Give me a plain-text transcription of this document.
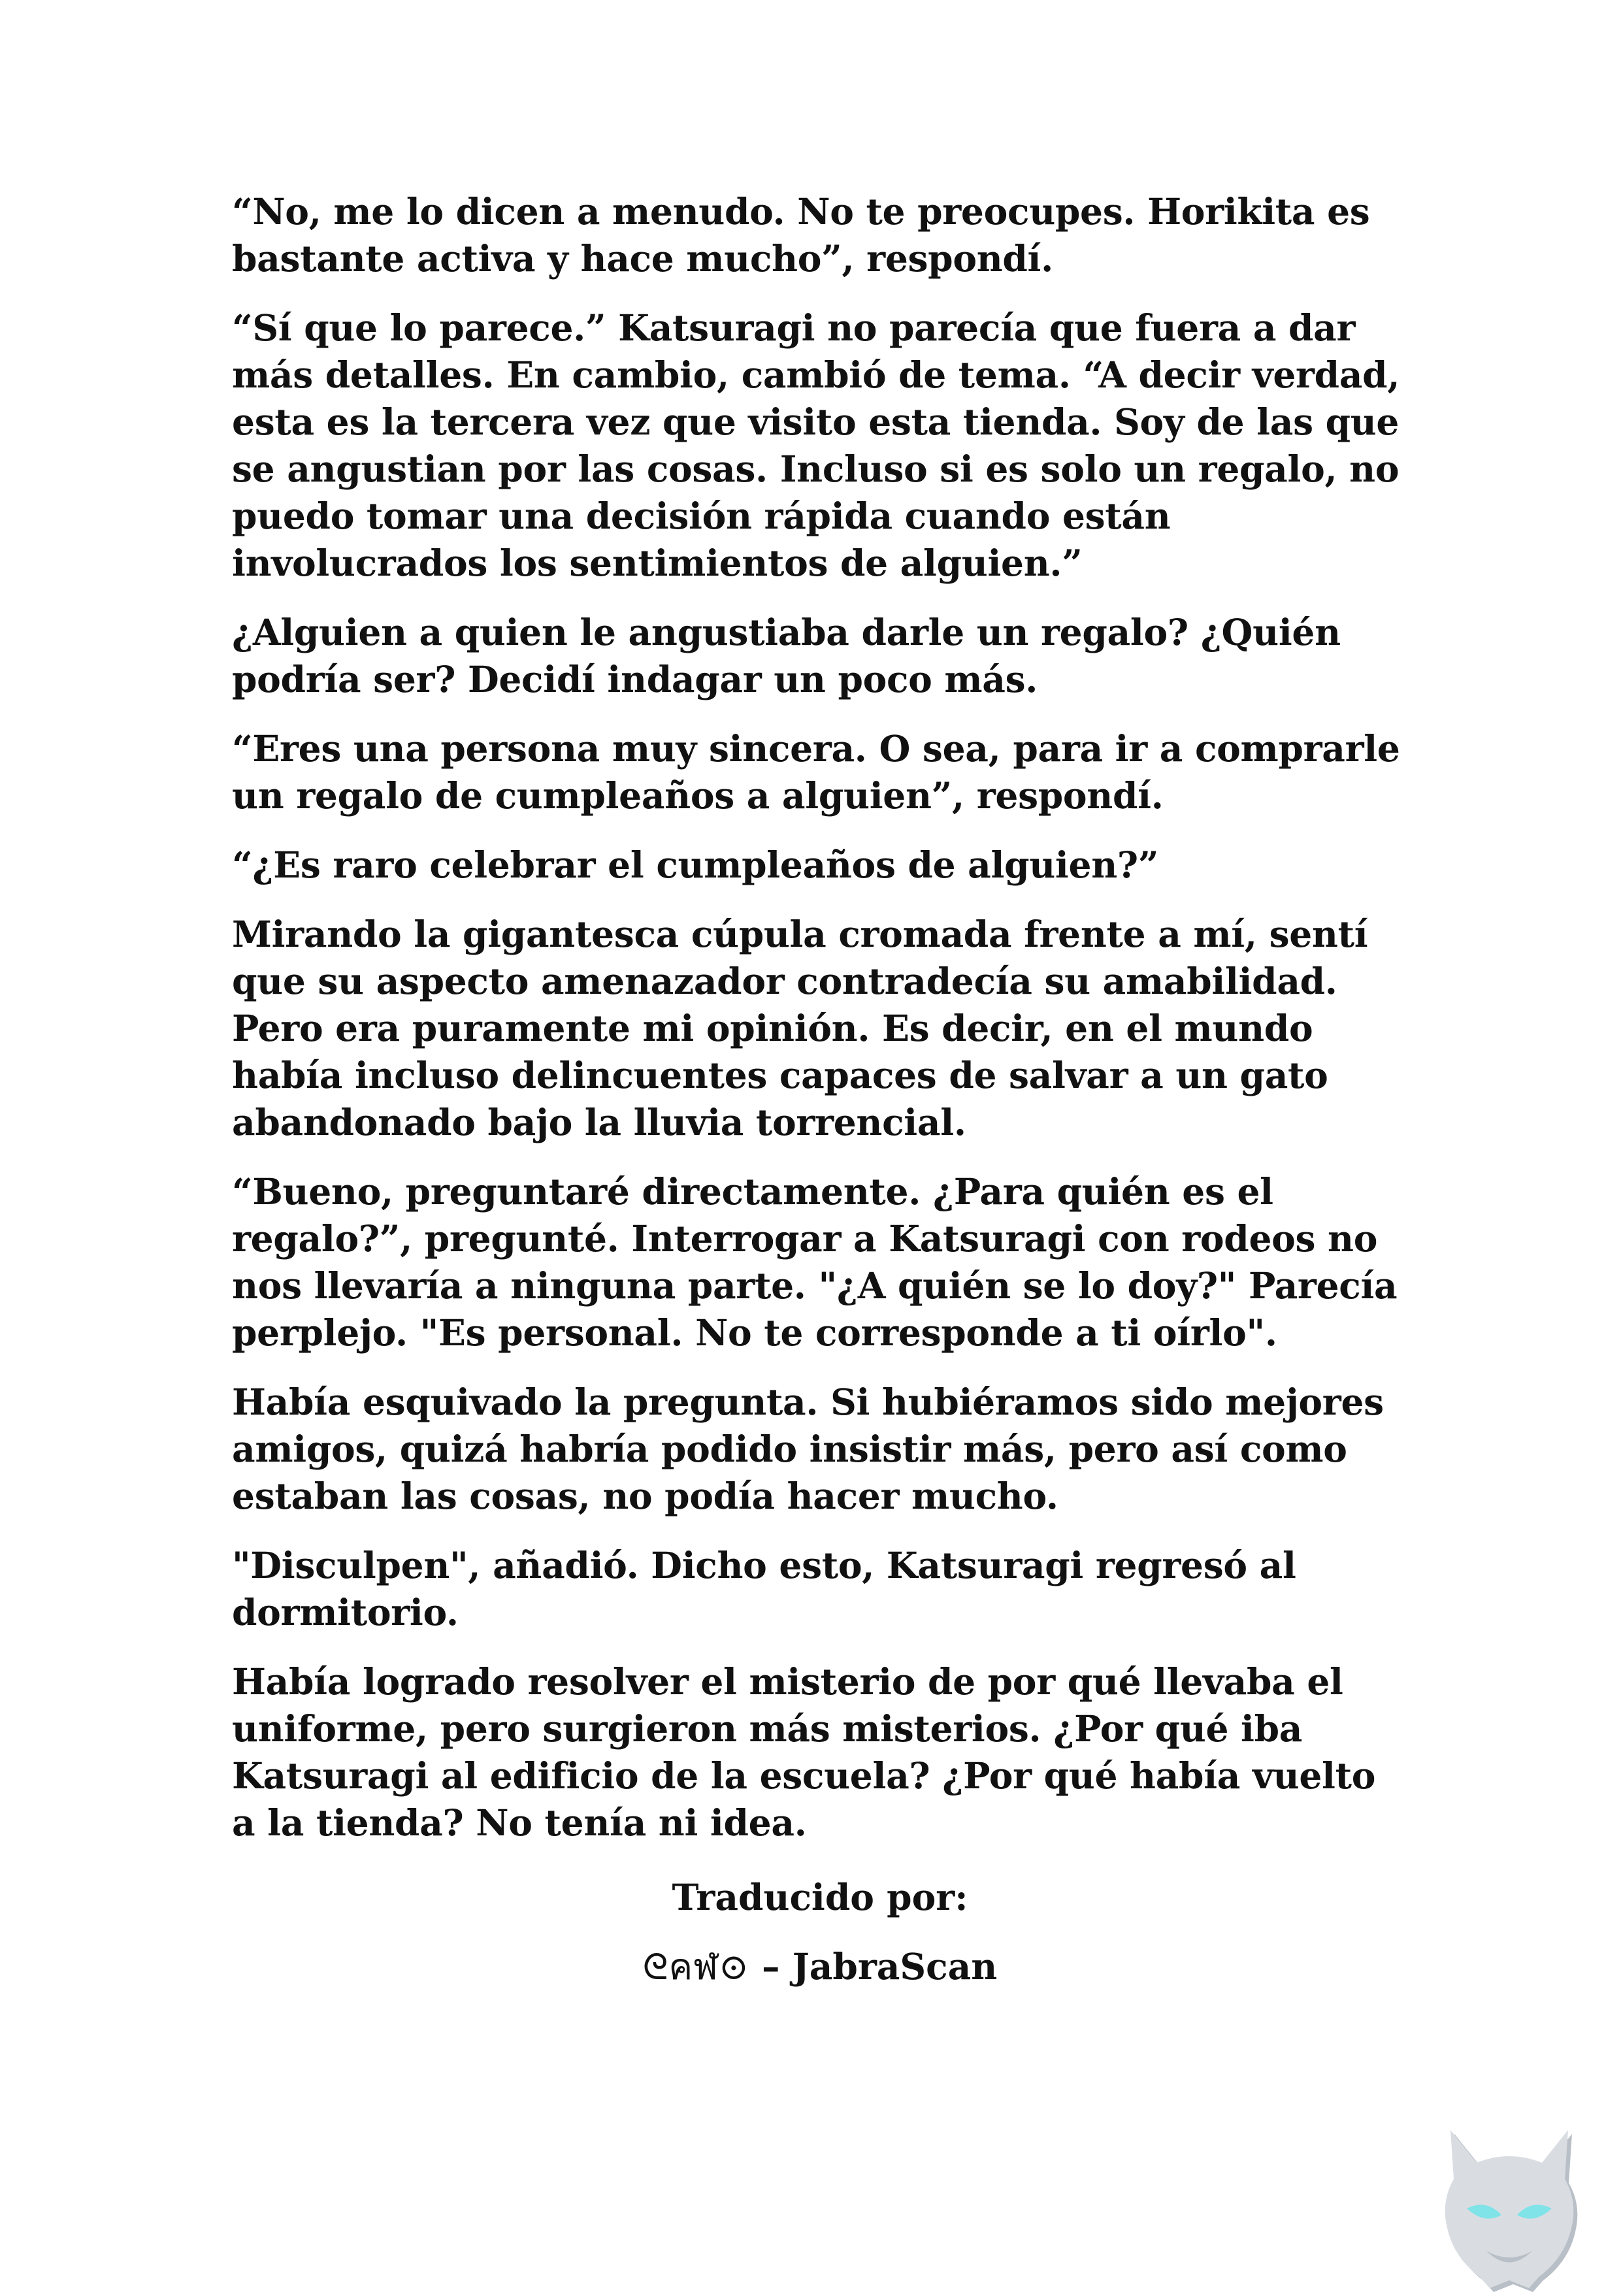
“No, me lo dicen a menudo. No te preocupes. Horikita es bastante activa y hace mucho”, respondí.

“Sí que lo parece.” Katsuragi no parecía que fuera a dar más detalles. En cambio, cambió de tema. “A decir verdad, esta es la tercera vez que visito esta tienda. Soy de las que se angustian por las cosas. Incluso si es solo un regalo, no puedo tomar una decisión rápida cuando están involucrados los sentimientos de alguien.”

¿Alguien a quien le angustiaba darle un regalo? ¿Quién podría ser? Decidí indagar un poco más.

“Eres una persona muy sincera. O sea, para ir a comprarle un regalo de cumpleaños a alguien”, respondí.

“¿Es raro celebrar el cumpleaños de alguien?”

Mirando la gigantesca cúpula cromada frente a mí, sentí que su aspecto amenazador contradecía su amabilidad. Pero era puramente mi opinión. Es decir, en el mundo había incluso delincuentes capaces de salvar a un gato abandonado bajo la lluvia torrencial.

“Bueno, preguntaré directamente. ¿Para quién es el regalo?”, pregunté. Interrogar a Katsuragi con rodeos no nos llevaría a ninguna parte. "¿A quién se lo doy?" Parecía perplejo. "Es personal. No te corresponde a ti oírlo".

Había esquivado la pregunta. Si hubiéramos sido mejores amigos, quizá habría podido insistir más, pero así como estaban las cosas, no podía hacer mucho.

"Disculpen", añadió. Dicho esto, Katsuragi regresó al dormitorio.

Había logrado resolver el misterio de por qué llevaba el uniforme, pero surgieron más misterios. ¿Por qué iba Katsuragi al edificio de la escuela? ¿Por qué había vuelto a la tienda? No tenía ni idea.

Traducido por:

ᘓคฬ⊙ – JabraScan
